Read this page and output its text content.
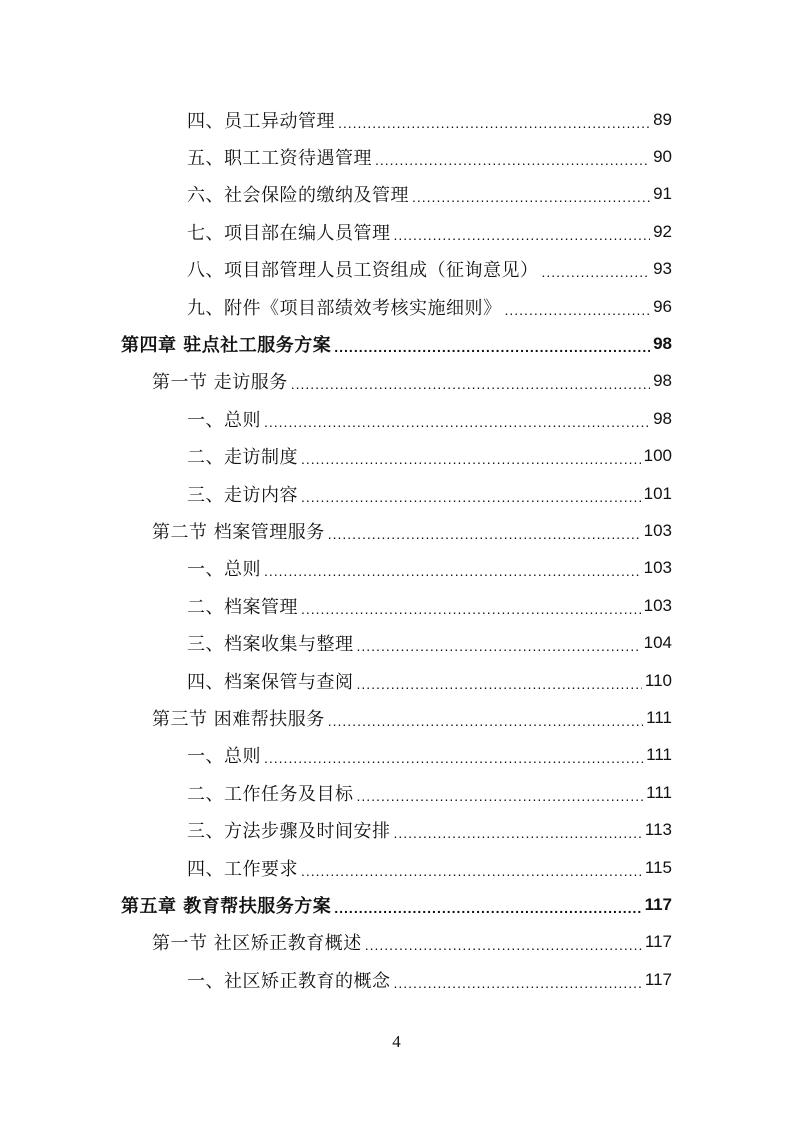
四、员工异动管理 .....	89
五、职工工资待遇管理 .....	90
六、社会保险的缴纳及管理 .....	91
七、项目部在编人员管理 .....	92
八、项目部管理人员工资组成（征询意见） .....	93
九、附件《项目部绩效考核实施细则》 .....	96
第四章 驻点社工服务方案 .....	98
第一节 走访服务 .....	98
一、总则 .....	98
二、走访制度 .....	100
三、走访内容 .....	101
第二节 档案管理服务 .....	103
一、总则 .....	103
二、档案管理 .....	103
三、档案收集与整理 .....	104
四、档案保管与查阅 .....	110
第三节 困难帮扶服务 .....	111
一、总则 .....	111
二、工作任务及目标 .....	111
三、方法步骤及时间安排 .....	113
四、工作要求 .....	115
第五章 教育帮扶服务方案 .....	117
第一节 社区矫正教育概述 .....	117
一、社区矫正教育的概念 .....	117
4
